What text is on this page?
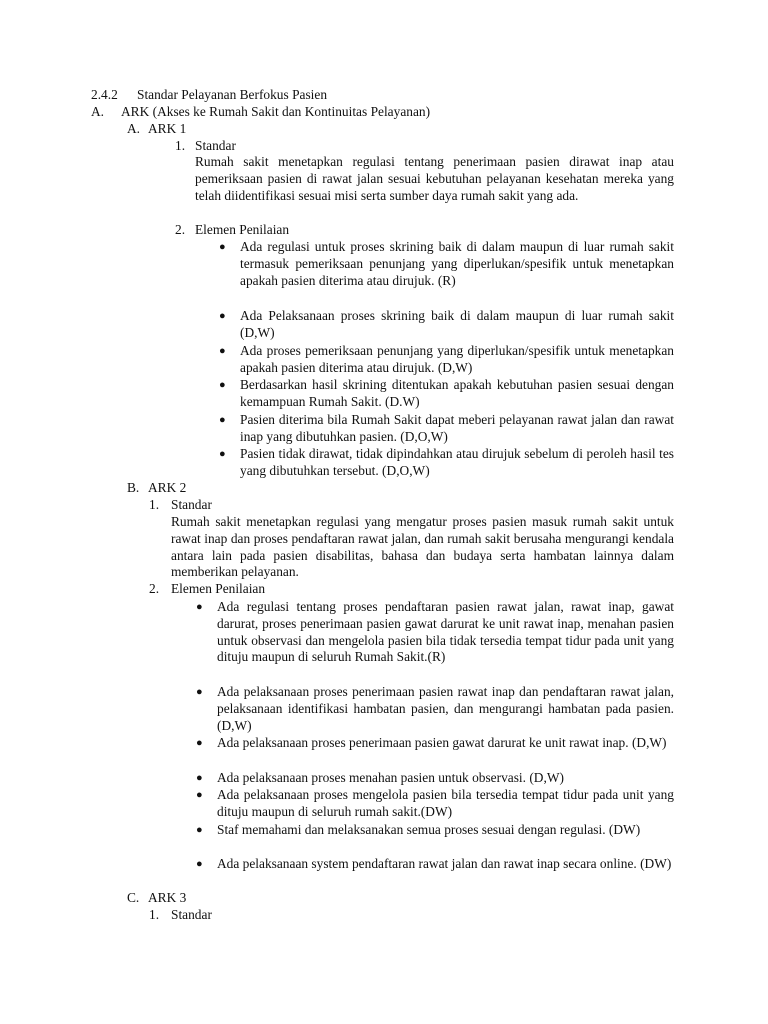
2.4.2 Standar Pelayanan Berfokus Pasien
A. ARK (Akses ke Rumah Sakit dan Kontinuitas Pelayanan)
A. ARK 1
1. Standar
Rumah sakit menetapkan regulasi tentang penerimaan pasien dirawat inap atau pemeriksaan pasien di rawat jalan sesuai kebutuhan pelayanan kesehatan mereka yang telah diidentifikasi sesuai misi serta sumber daya rumah sakit yang ada.
2. Elemen Penilaian
● Ada regulasi untuk proses skrining baik di dalam maupun di luar rumah sakit termasuk pemeriksaan penunjang yang diperlukan/spesifik untuk menetapkan apakah pasien diterima atau dirujuk. (R)
● Ada Pelaksanaan proses skrining baik di dalam maupun di luar rumah sakit (D,W)
● Ada proses pemeriksaan penunjang yang diperlukan/spesifik untuk menetapkan apakah pasien diterima atau dirujuk. (D,W)
● Berdasarkan hasil skrining ditentukan apakah kebutuhan pasien sesuai dengan kemampuan Rumah Sakit. (D.W)
● Pasien diterima bila Rumah Sakit dapat meberi pelayanan rawat jalan dan rawat inap yang dibutuhkan pasien. (D,O,W)
● Pasien tidak dirawat, tidak dipindahkan atau dirujuk sebelum di peroleh hasil tes yang dibutuhkan tersebut. (D,O,W)
B. ARK 2
1. Standar
Rumah sakit menetapkan regulasi yang mengatur proses pasien masuk rumah sakit untuk rawat inap dan proses pendaftaran rawat jalan, dan rumah sakit berusaha mengurangi kendala antara lain pada pasien disabilitas, bahasa dan budaya serta hambatan lainnya dalam memberikan pelayanan.
2. Elemen Penilaian
● Ada regulasi tentang proses pendaftaran pasien rawat jalan, rawat inap, gawat darurat, proses penerimaan pasien gawat darurat ke unit rawat inap, menahan pasien untuk observasi dan mengelola pasien bila tidak tersedia tempat tidur pada unit yang dituju maupun di seluruh Rumah Sakit.(R)
● Ada pelaksanaan proses penerimaan pasien rawat inap dan pendaftaran rawat jalan, pelaksanaan identifikasi hambatan pasien, dan mengurangi hambatan pada pasien. (D,W)
● Ada pelaksanaan proses penerimaan pasien gawat darurat ke unit rawat inap. (D,W)
● Ada pelaksanaan proses menahan pasien untuk observasi. (D,W)
● Ada pelaksanaan proses mengelola pasien bila tersedia tempat tidur pada unit yang dituju maupun di seluruh rumah sakit.(DW)
● Staf memahami dan melaksanakan semua proses sesuai dengan regulasi. (DW)
● Ada pelaksanaan system pendaftaran rawat jalan dan rawat inap secara online. (DW)
C. ARK 3
1. Standar
